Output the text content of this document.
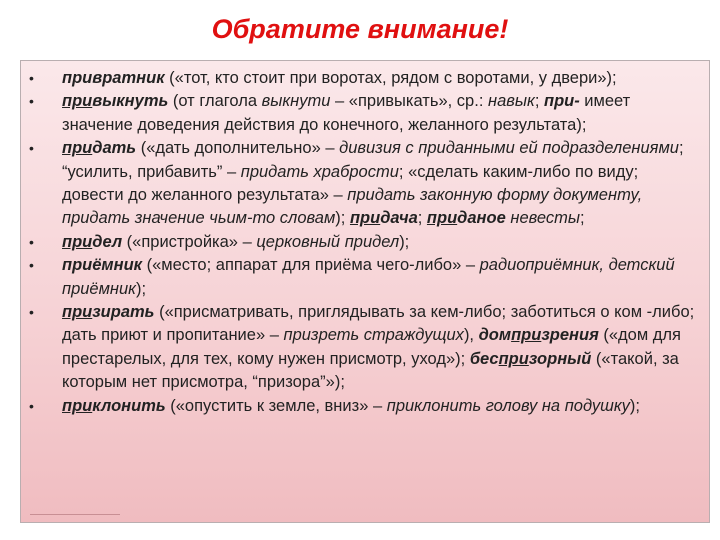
Обратите внимание!
• привратник («тот, кто стоит при воротах, рядом с воротами, у двери»);
• привыкнуть (от глагола выкнути – «привыкать», ср.: навык; при- имеет значение доведения действия до конечного, желанного результата);
• придать («дать дополнительно» – дивизия с приданными ей подразделениями; “усилить, прибавить” – придать храбрости; «сделать каким-либо по виду; довести до желанного результата» – придать законную форму документу, придать значение чьим-то словам); придача; приданое невесты;
• придел («пристройка» – церковный придел);
• приёмник («место; аппарат для приёма чего-либо» – радиоприёмник, детский приёмник);
• призирать («присматривать, приглядывать за кем-либо; заботиться о ком -либо; дать приют и пропитание» – призреть страждущих), домпризрения («дом для престарелых, для тех, кому нужен присмотр, уход»); беспризорный («такой, за которым нет присмотра, “призора”»);
• приклонить («опустить к земле, вниз» – приклонить голову на подушку);
